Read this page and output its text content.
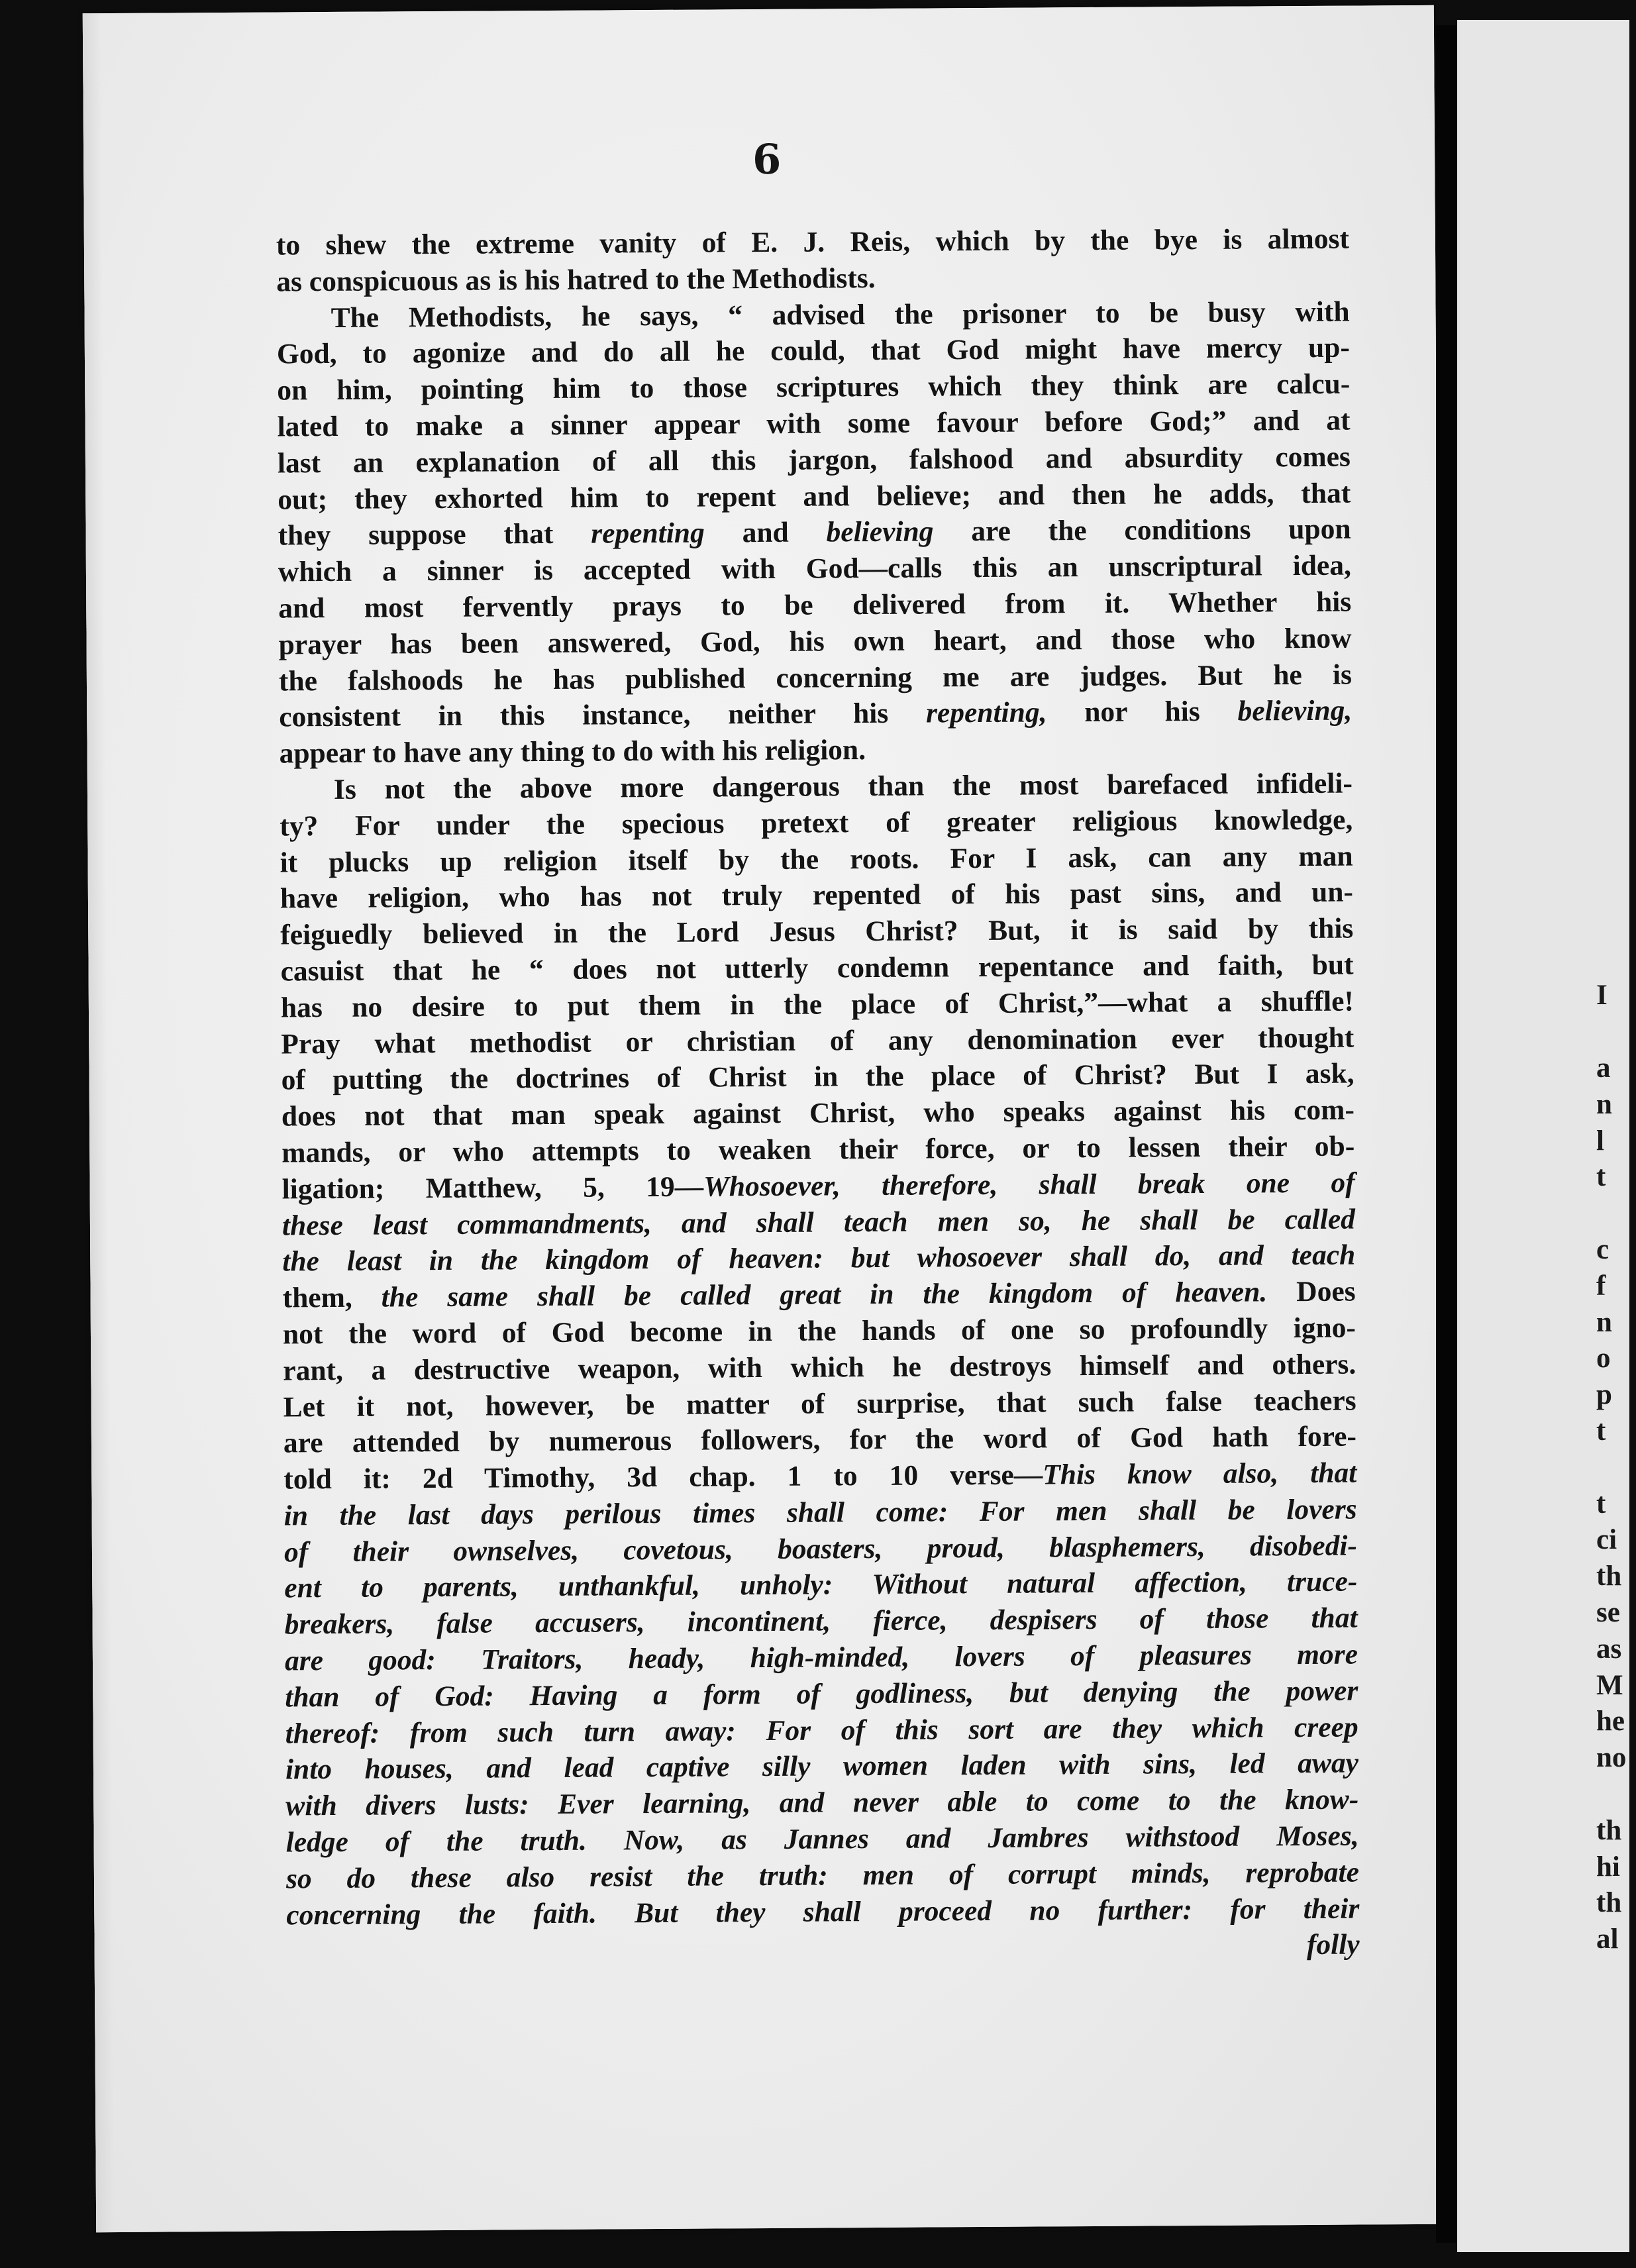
6
to shew the extreme vanity of E. J. Reis, which by the bye is almost
as conspicuous as is his hatred to the Methodists.
The Methodists, he says, “ advised the prisoner to be busy with
God, to agonize and do all he could, that God might have mercy up-
on him, pointing him to those scriptures which they think are calcu-
lated to make a sinner appear with some favour before God;” and at
last an explanation of all this jargon, falshood and absurdity comes
out; they exhorted him to repent and believe; and then he adds, that
they suppose that repenting and believing are the conditions upon
which a sinner is accepted with God—calls this an unscriptural idea,
and most fervently prays to be delivered from it. Whether his
prayer has been answered, God, his own heart, and those who know
the falshoods he has published concerning me are judges. But he is
consistent in this instance, neither his repenting, nor his believing,
appear to have any thing to do with his religion.
Is not the above more dangerous than the most barefaced infideli-
ty? For under the specious pretext of greater religious knowledge,
it plucks up religion itself by the roots. For I ask, can any man
have religion, who has not truly repented of his past sins, and un-
feiguedly believed in the Lord Jesus Christ? But, it is said by this
casuist that he “ does not utterly condemn repentance and faith, but
has no desire to put them in the place of Christ,”—what a shuffle!
Pray what methodist or christian of any denomination ever thought
of putting the doctrines of Christ in the place of Christ? But I ask,
does not that man speak against Christ, who speaks against his com-
mands, or who attempts to weaken their force, or to lessen their ob-
ligation; Matthew, 5, 19—Whosoever, therefore, shall break one of
these least commandments, and shall teach men so, he shall be called
the least in the kingdom of heaven: but whosoever shall do, and teach
them, the same shall be called great in the kingdom of heaven. Does
not the word of God become in the hands of one so profoundly igno-
rant, a destructive weapon, with which he destroys himself and others.
Let it not, however, be matter of surprise, that such false teachers
are attended by numerous followers, for the word of God hath fore-
told it: 2d Timothy, 3d chap. 1 to 10 verse—This know also, that
in the last days perilous times shall come: For men shall be lovers
of their ownselves, covetous, boasters, proud, blasphemers, disobedi-
ent to parents, unthankful, unholy: Without natural affection, truce-
breakers, false accusers, incontinent, fierce, despisers of those that
are good: Traitors, heady, high-minded, lovers of pleasures more
than of God: Having a form of godliness, but denying the power
thereof: from such turn away: For of this sort are they which creep
into houses, and lead captive silly women laden with sins, led away
with divers lusts: Ever learning, and never able to come to the know-
ledge of the truth. Now, as Jannes and Jambres withstood Moses,
so do these also resist the truth: men of corrupt minds, reprobate
concerning the faith. But they shall proceed no further: for their
folly
I
a
n
l
t
c
f
n
o
p
t
t
ci
th
se
as
M
he
no
th
hi
th
al
